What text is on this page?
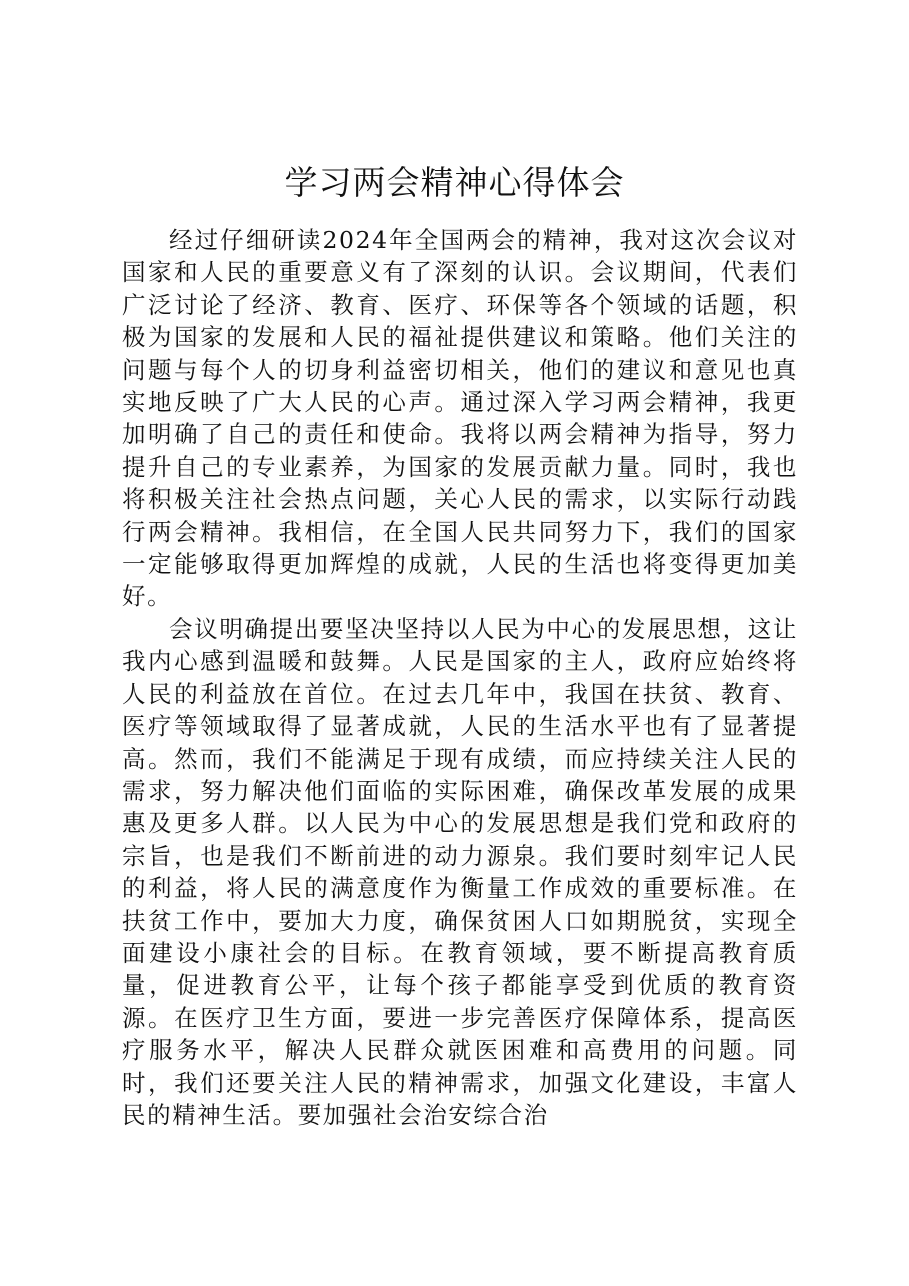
学习两会精神心得体会

经过仔细研读2024年全国两会的精神，我对这次会议对国家和人民的重要意义有了深刻的认识。会议期间，代表们广泛讨论了经济、教育、医疗、环保等各个领域的话题，积极为国家的发展和人民的福祉提供建议和策略。他们关注的问题与每个人的切身利益密切相关，他们的建议和意见也真实地反映了广大人民的心声。通过深入学习两会精神，我更加明确了自己的责任和使命。我将以两会精神为指导，努力提升自己的专业素养，为国家的发展贡献力量。同时，我也将积极关注社会热点问题，关心人民的需求，以实际行动践行两会精神。我相信，在全国人民共同努力下，我们的国家一定能够取得更加辉煌的成就，人民的生活也将变得更加美好。

会议明确提出要坚决坚持以人民为中心的发展思想，这让我内心感到温暖和鼓舞。人民是国家的主人，政府应始终将人民的利益放在首位。在过去几年中，我国在扶贫、教育、医疗等领域取得了显著成就，人民的生活水平也有了显著提高。然而，我们不能满足于现有成绩，而应持续关注人民的需求，努力解决他们面临的实际困难，确保改革发展的成果惠及更多人群。以人民为中心的发展思想是我们党和政府的宗旨，也是我们不断前进的动力源泉。我们要时刻牢记人民的利益，将人民的满意度作为衡量工作成效的重要标准。在扶贫工作中，要加大力度，确保贫困人口如期脱贫，实现全面建设小康社会的目标。在教育领域，要不断提高教育质量，促进教育公平，让每个孩子都能享受到优质的教育资源。在医疗卫生方面，要进一步完善医疗保障体系，提高医疗服务水平，解决人民群众就医困难和高费用的问题。同时，我们还要关注人民的精神需求，加强文化建设，丰富人民的精神生活。要加强社会治安综合治
